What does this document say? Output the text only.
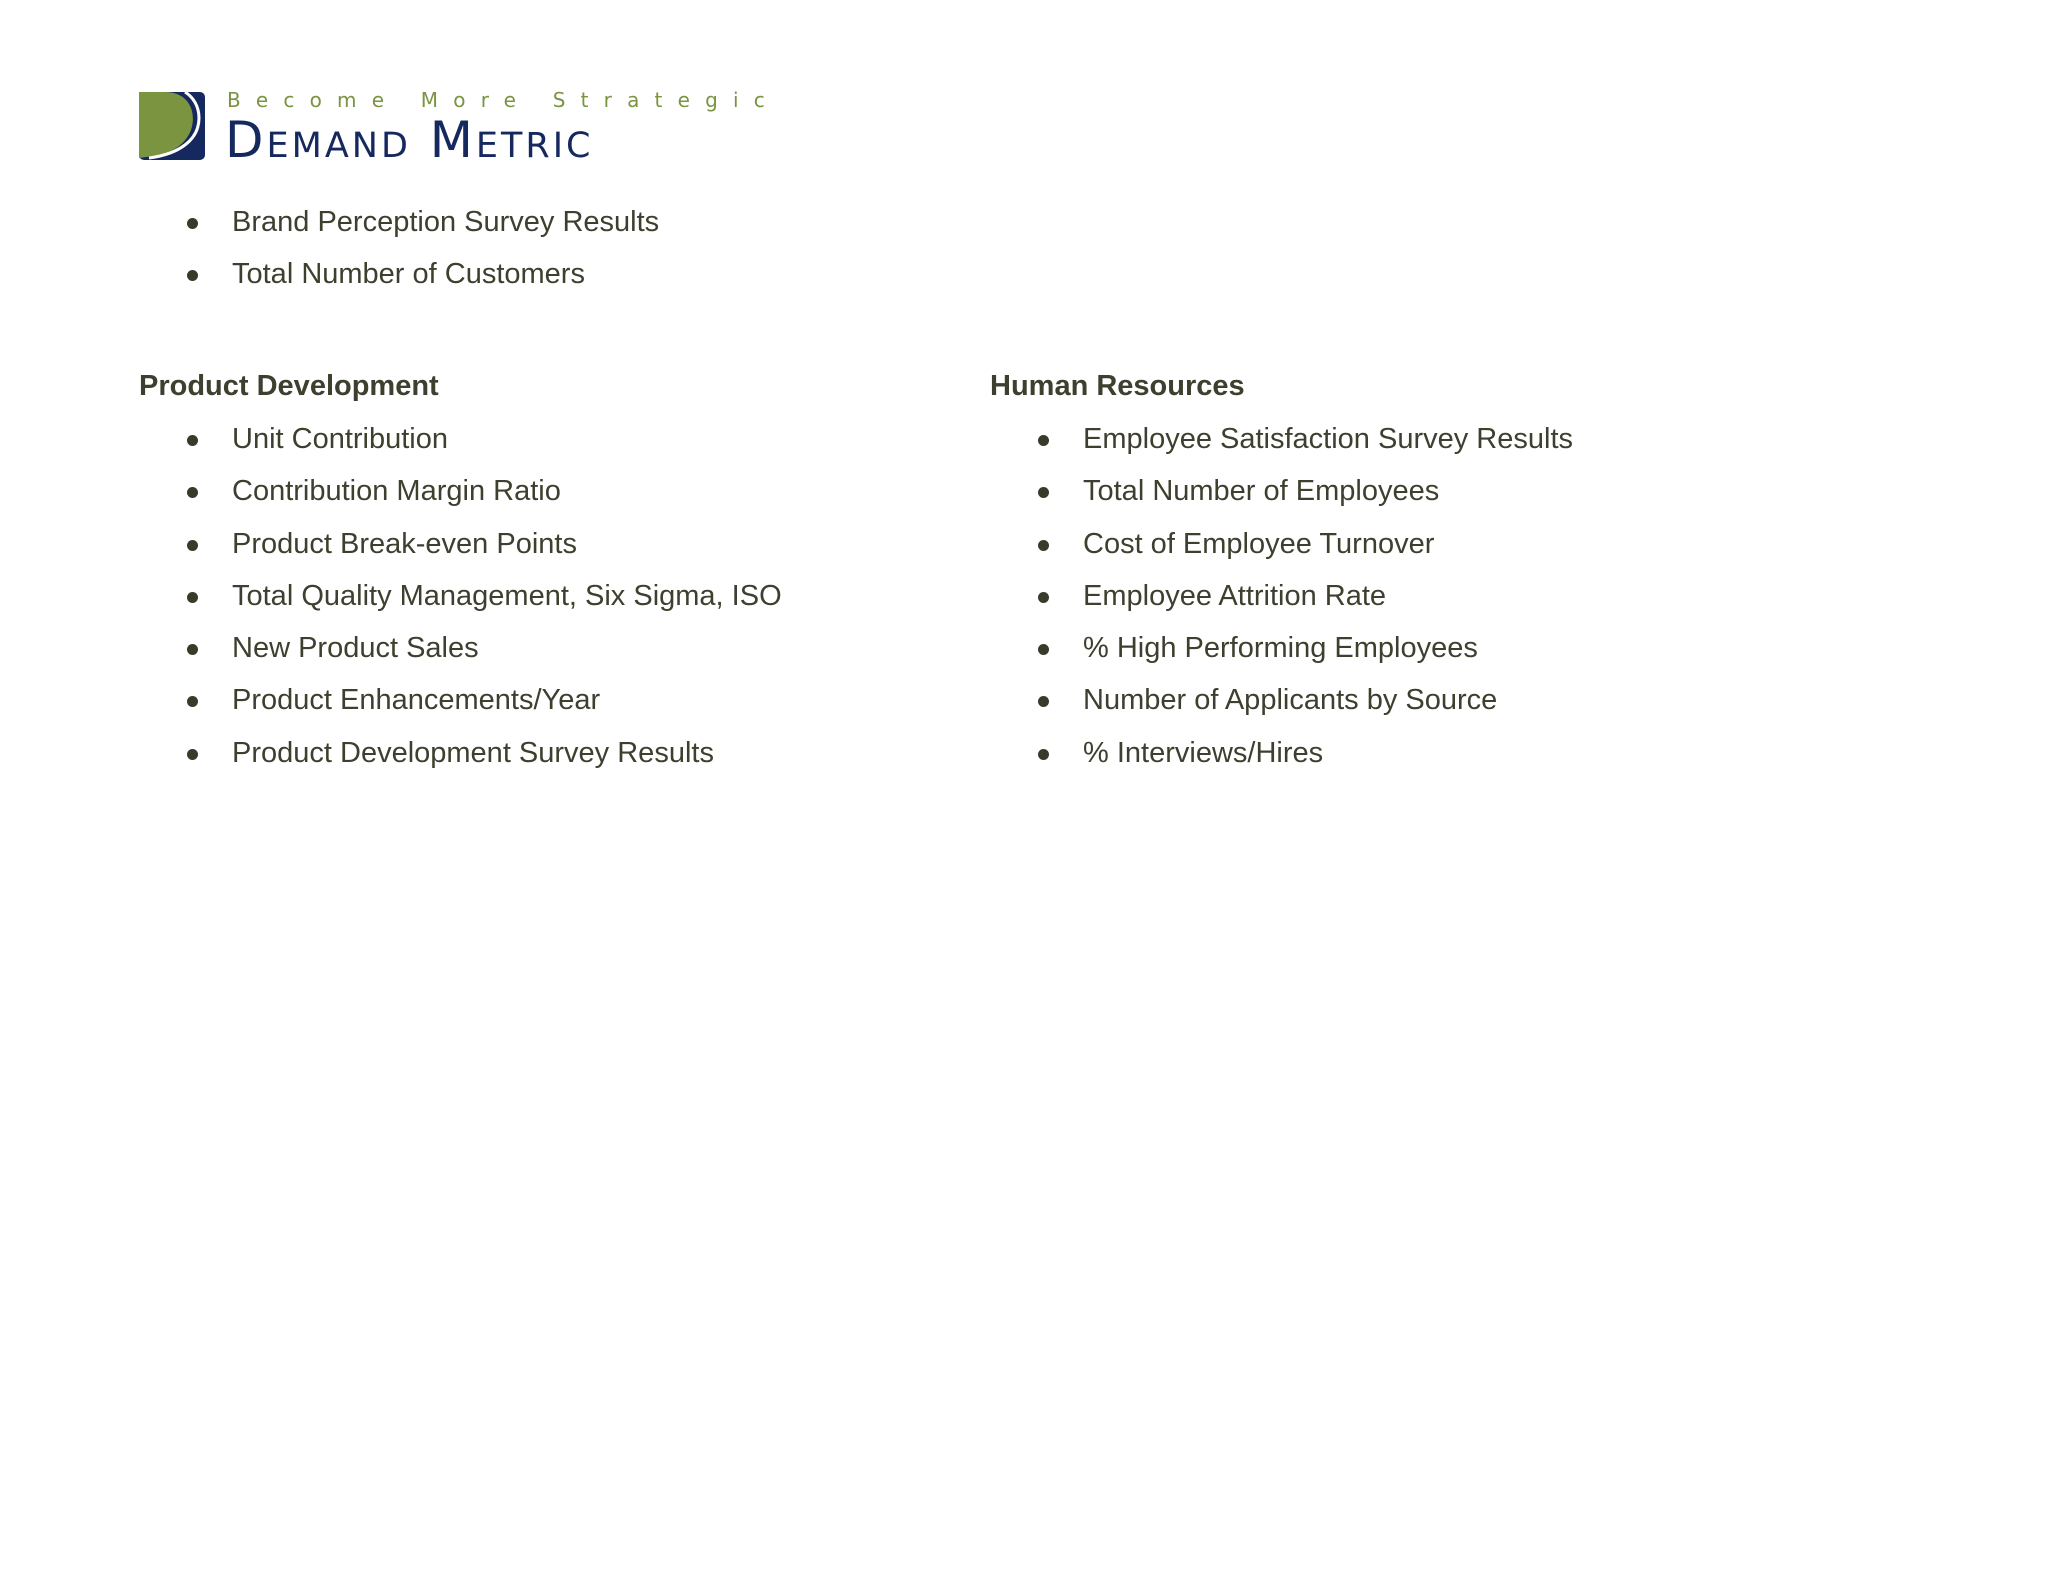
Become More Strategic
Demand Metric
Brand Perception Survey Results
Total Number of Customers
Product Development
Unit Contribution
Contribution Margin Ratio
Product Break-even Points
Total Quality Management, Six Sigma, ISO
New Product Sales
Product Enhancements/Year
Product Development Survey Results
Human Resources
Employee Satisfaction Survey Results
Total Number of Employees
Cost of Employee Turnover
Employee Attrition Rate
% High Performing Employees
Number of Applicants by Source
% Interviews/Hires
